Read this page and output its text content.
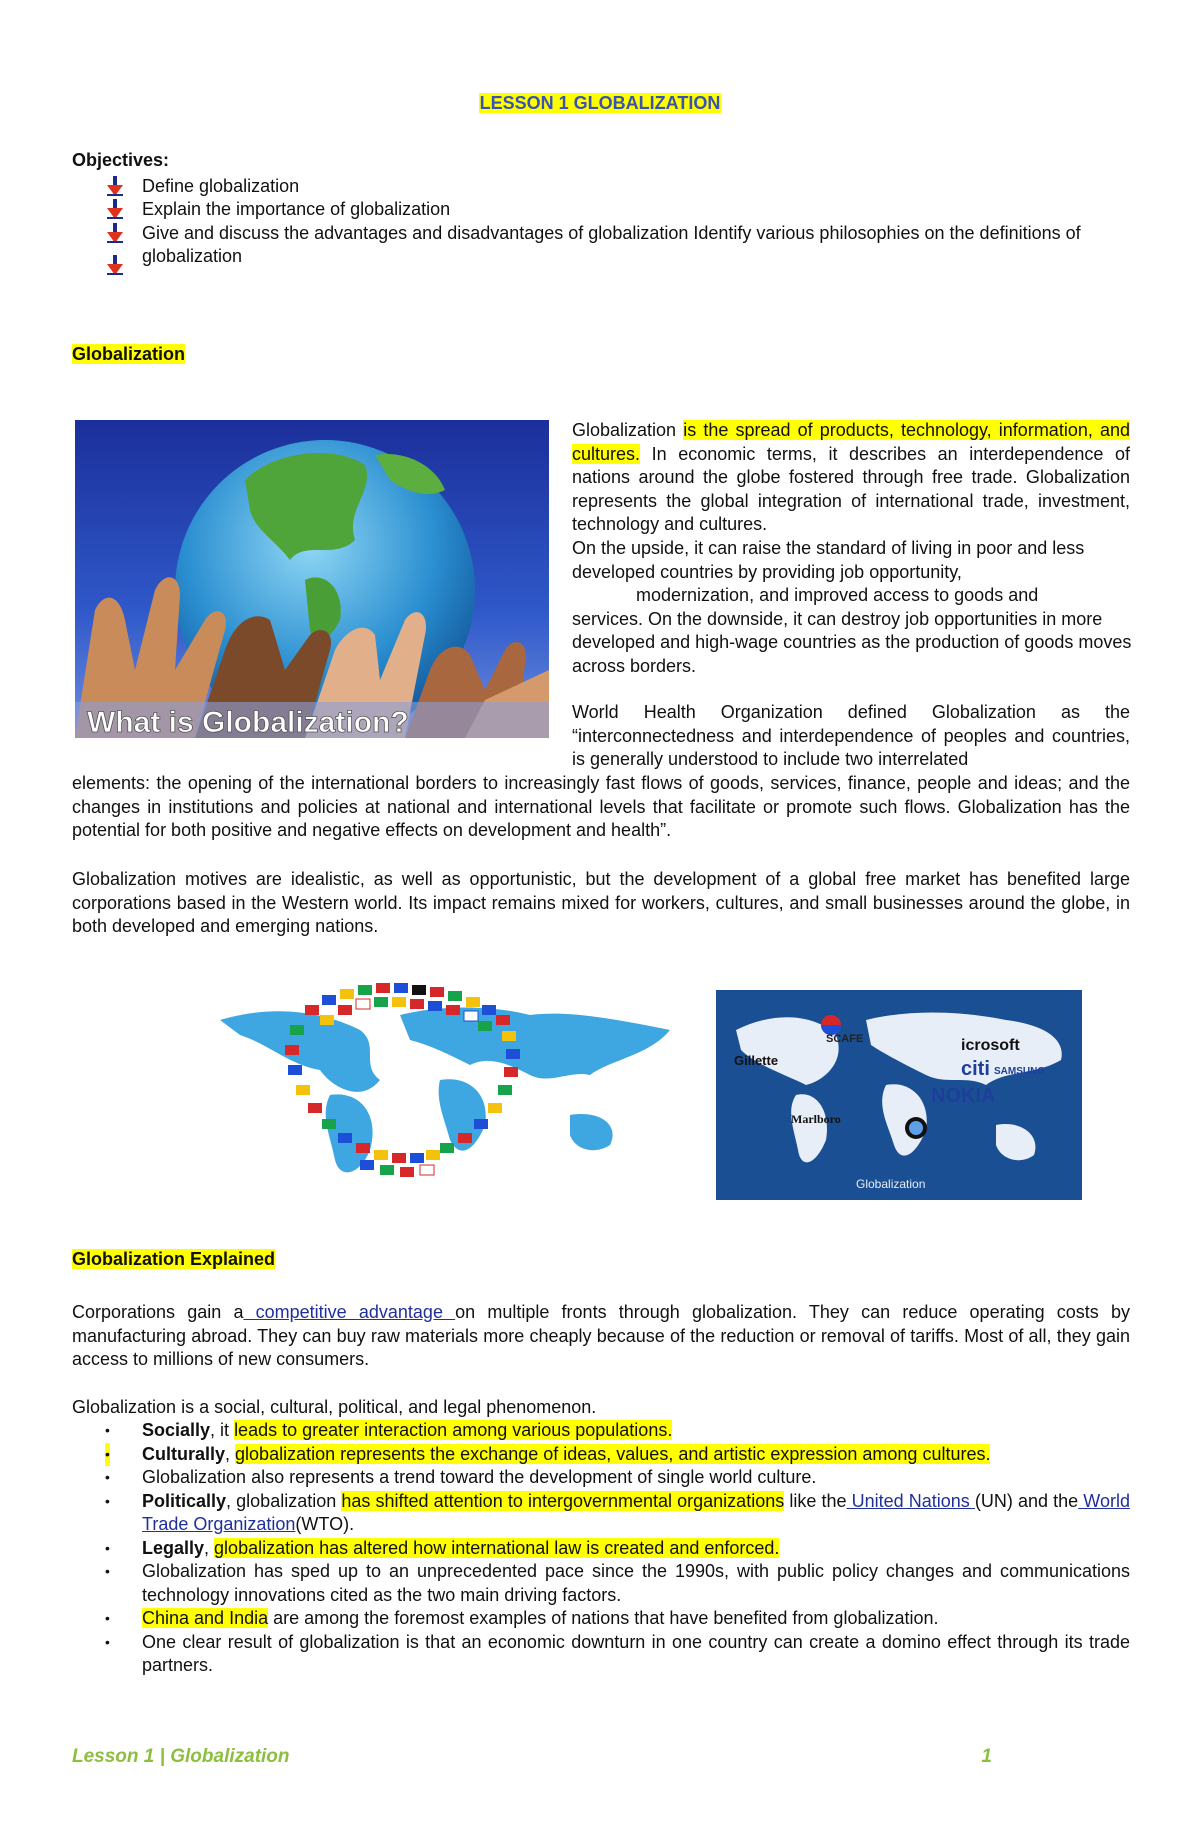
LESSON 1 GLOBALIZATION
Objectives:
Define globalization
Explain the importance of globalization
Give and discuss the advantages and disadvantages of globalization Identify various philosophies on the definitions of globalization
Globalization
What is Globalization?
Globalization is the spread of products, technology, information, and cultures. In economic terms, it describes an interdependence of nations around the globe fostered through free trade. Globalization represents the global integration of international trade, investment, technology and cultures.
On the upside, it can raise the standard of living in poor and less developed countries by providing job opportunity,
modernization, and improved access to goods and
services. On the downside, it can destroy job opportunities in more developed and high-wage countries as the production of goods moves across borders.
World Health Organization defined Globalization as the “interconnectedness and interdependence of peoples and countries, is generally understood to include two interrelated
elements: the opening of the international borders to increasingly fast flows of goods, services, finance, people and ideas; and the changes in institutions and policies at national and international levels that facilitate or promote such flows. Globalization has the potential for both positive and negative effects on development and health”.
Globalization motives are idealistic, as well as opportunistic, but the development of a global free market has benefited large corporations based in the Western world. Its impact remains mixed for workers, cultures, and small businesses around the globe, in both developed and emerging nations.
SCAFE	icrosoft
citi SAMSUNG
NOKIA
Gillette
Marlboro
Globalization
Globalization Explained
Corporations gain a competitive advantage on multiple fronts through globalization. They can reduce operating costs by manufacturing abroad. They can buy raw materials more cheaply because of the reduction or removal of tariffs. Most of all, they gain access to millions of new consumers.
Globalization is a social, cultural, political, and legal phenomenon.
• Socially, it leads to greater interaction among various populations.
• Culturally, globalization represents the exchange of ideas, values, and artistic expression among cultures.
• Globalization also represents a trend toward the development of single world culture.
• Politically, globalization has shifted attention to intergovernmental organizations like the United Nations (UN) and the World Trade Organization(WTO).
• Legally, globalization has altered how international law is created and enforced.
• Globalization has sped up to an unprecedented pace since the 1990s, with public policy changes and communications technology innovations cited as the two main driving factors.
• China and India are among the foremost examples of nations that have benefited from globalization.
• One clear result of globalization is that an economic downturn in one country can create a domino effect through its trade partners.
Lesson 1 | Globalization	1
